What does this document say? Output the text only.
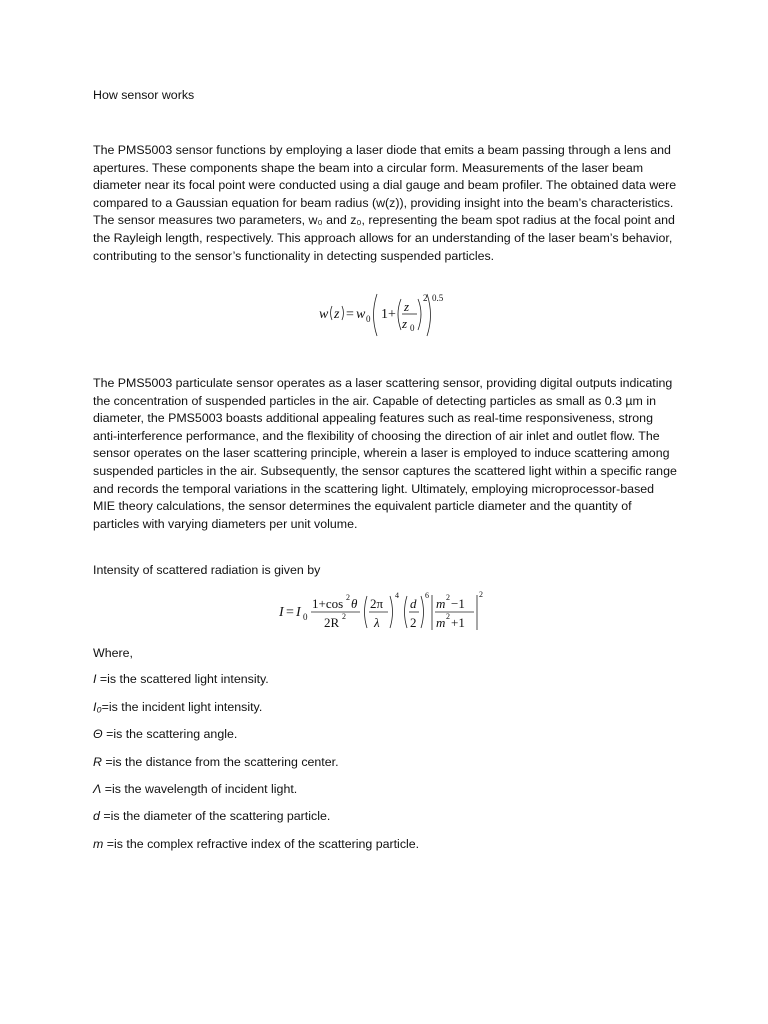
How sensor works

The PMS5003 sensor functions by employing a laser diode that emits a beam passing through a lens and apertures. These components shape the beam into a circular form. Measurements of the laser beam diameter near its focal point were conducted using a dial gauge and beam profiler. The obtained data were compared to a Gaussian equation for beam radius (w(z)), providing insight into the beam’s characteristics. The sensor measures two parameters, w₀ and z₀, representing the beam spot radius at the focal point and the Rayleigh length, respectively. This approach allows for an understanding of the laser beam’s behavior, contributing to the sensor’s functionality in detecting suspended particles.

w z = w 0 1+
z
z 0
2 0.5

The PMS5003 particulate sensor operates as a laser scattering sensor, providing digital outputs indicating the concentration of suspended particles in the air. Capable of detecting particles as small as 0.3 µm in diameter, the PMS5003 boasts additional appealing features such as real-time responsiveness, strong anti-interference performance, and the flexibility of choosing the direction of air inlet and outlet flow. The sensor operates on the laser scattering principle, wherein a laser is employed to induce scattering among suspended particles in the air. Subsequently, the sensor captures the scattered light within a specific range and records the temporal variations in the scattering light. Ultimately, employing microprocessor-based MIE theory calculations, the sensor determines the equivalent particle diameter and the quantity of particles with varying diameters per unit volume.

Intensity of scattered radiation is given by
I = I 0
1+cos 2 θ
2R 2
2π
λ
4
d
2
6
m 2 −1
m 2 +1
2
Where,
I =is the scattered light intensity.
I₀=is the incident light intensity.
Θ =is the scattering angle.
R =is the distance from the scattering center.
Λ =is the wavelength of incident light.
d =is the diameter of the scattering particle.
m =is the complex refractive index of the scattering particle.
